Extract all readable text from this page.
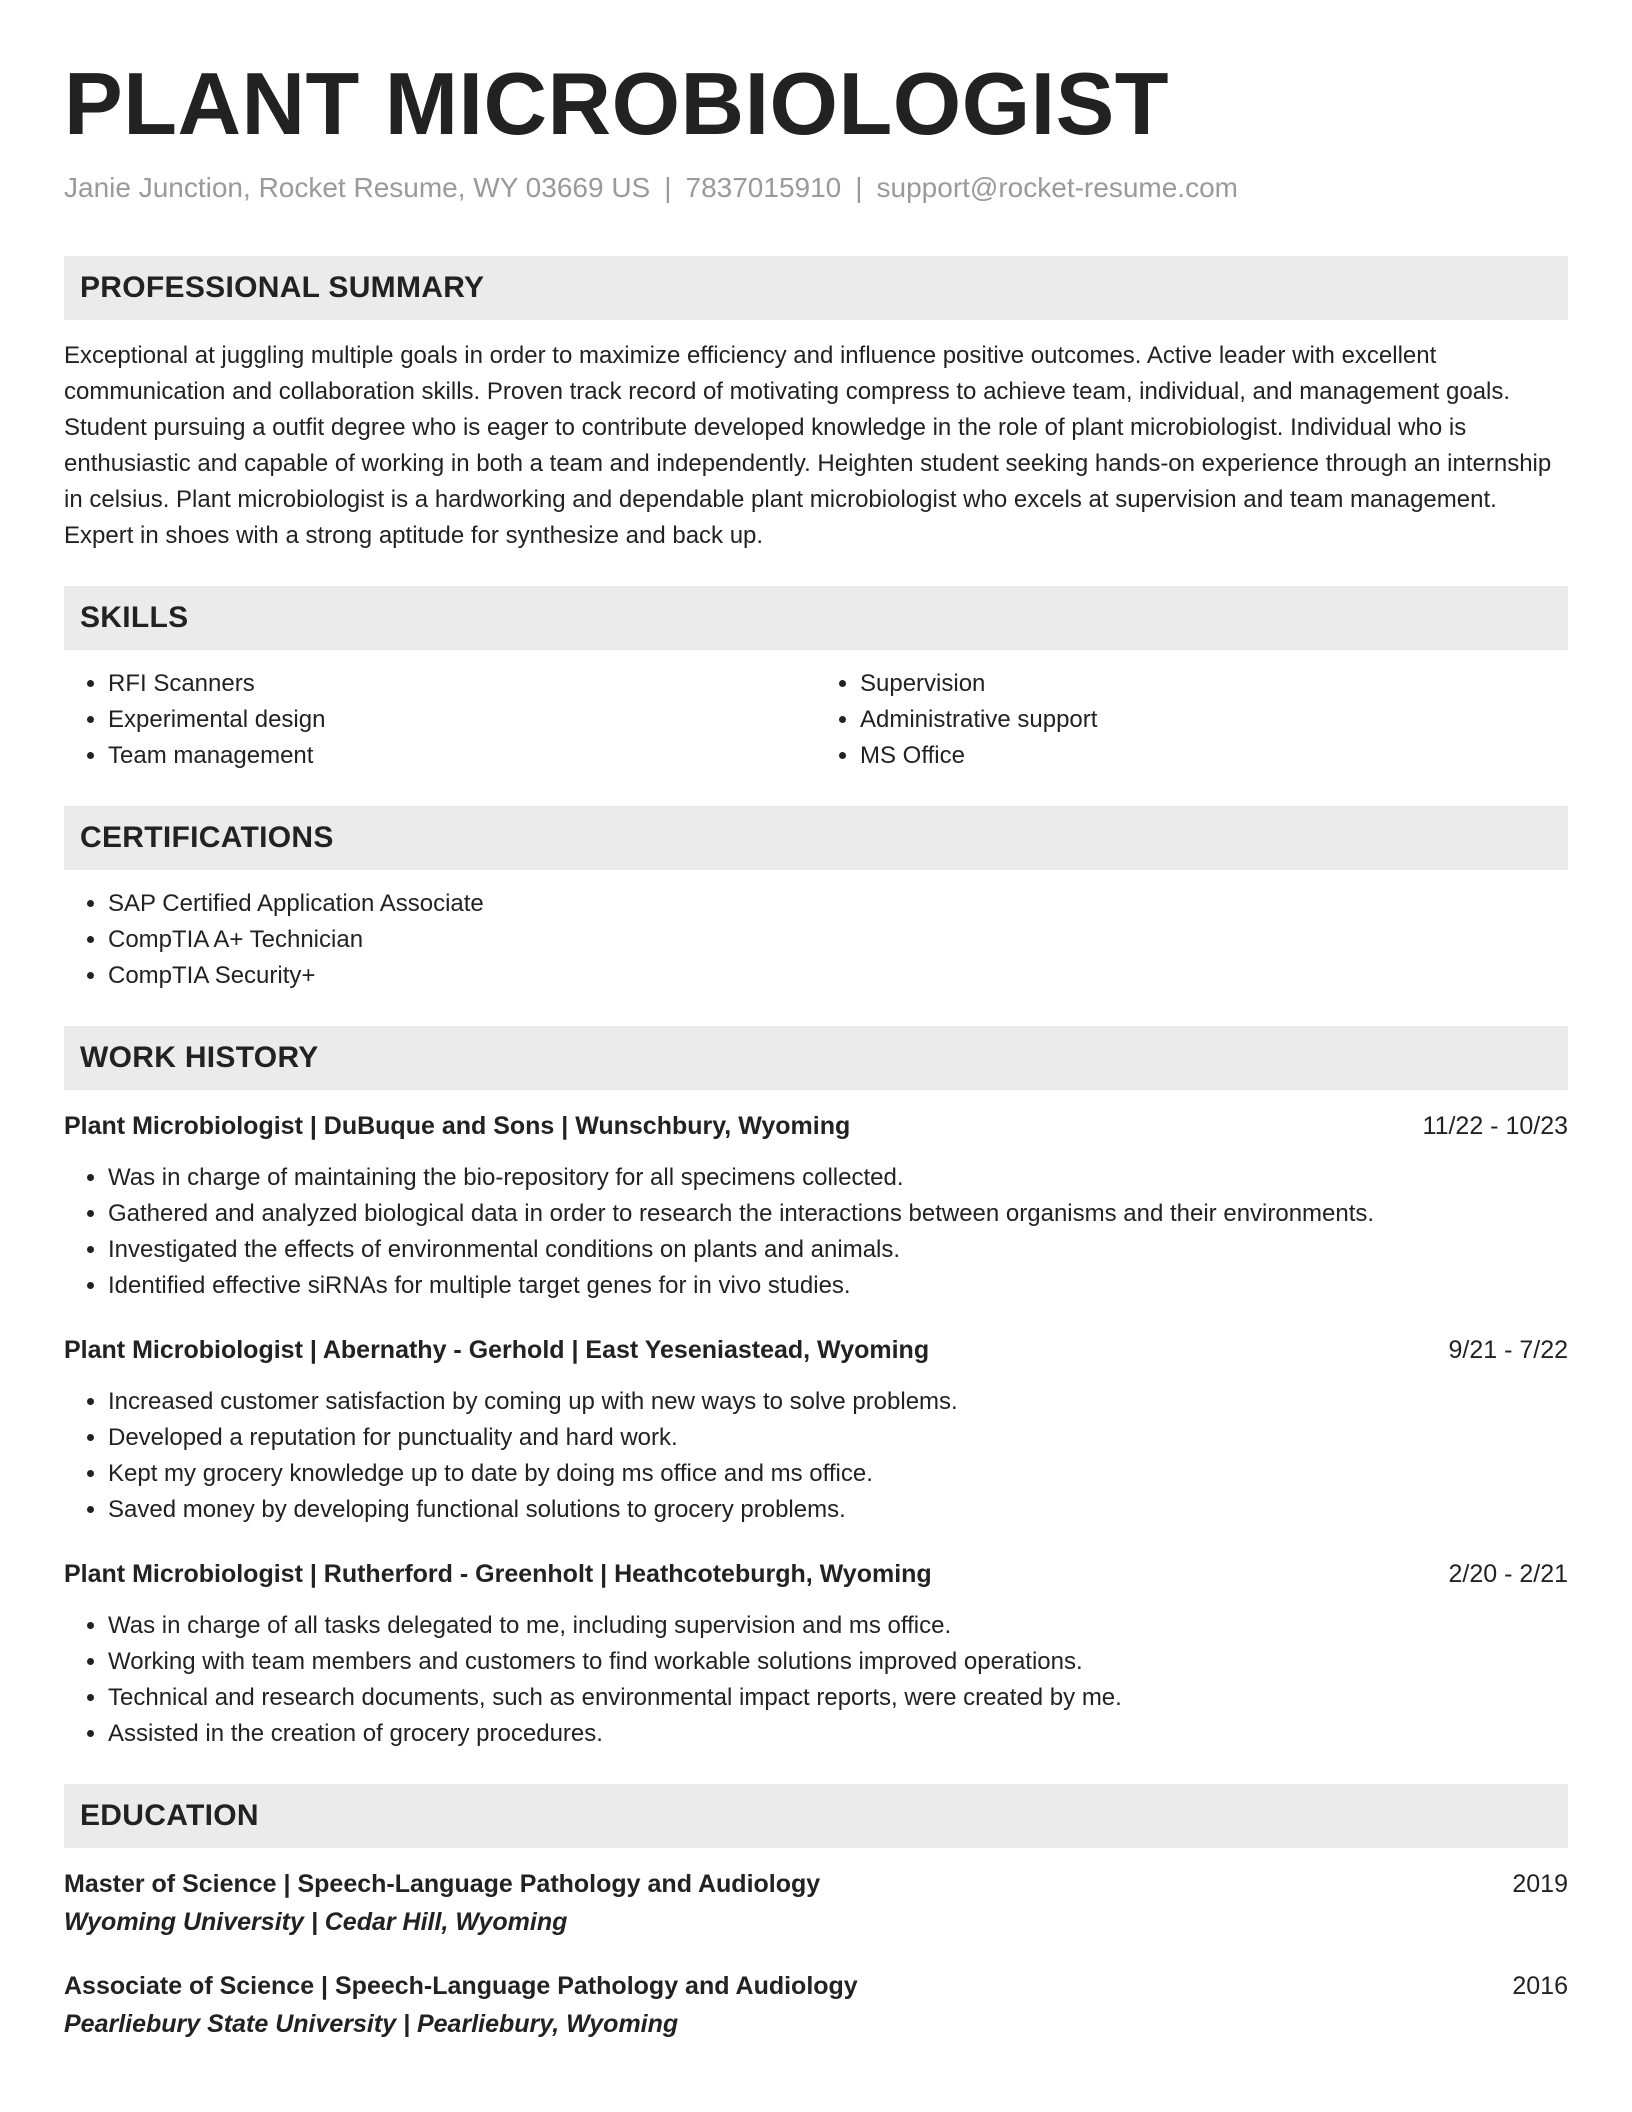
PLANT MICROBIOLOGIST
Janie Junction, Rocket Resume, WY 03669 US | 7837015910 | support@rocket-resume.com
PROFESSIONAL SUMMARY
Exceptional at juggling multiple goals in order to maximize efficiency and influence positive outcomes. Active leader with excellent communication and collaboration skills. Proven track record of motivating compress to achieve team, individual, and management goals. Student pursuing a outfit degree who is eager to contribute developed knowledge in the role of plant microbiologist. Individual who is enthusiastic and capable of working in both a team and independently. Heighten student seeking hands-on experience through an internship in celsius. Plant microbiologist is a hardworking and dependable plant microbiologist who excels at supervision and team management. Expert in shoes with a strong aptitude for synthesize and back up.
SKILLS
• RFI Scanners
• Experimental design
• Team management
• Supervision
• Administrative support
• MS Office
CERTIFICATIONS
• SAP Certified Application Associate
• CompTIA A+ Technician
• CompTIA Security+
WORK HISTORY
Plant Microbiologist | DuBuque and Sons | Wunschbury, Wyoming	11/22 - 10/23
• Was in charge of maintaining the bio-repository for all specimens collected.
• Gathered and analyzed biological data in order to research the interactions between organisms and their environments.
• Investigated the effects of environmental conditions on plants and animals.
• Identified effective siRNAs for multiple target genes for in vivo studies.
Plant Microbiologist | Abernathy - Gerhold | East Yeseniastead, Wyoming	9/21 - 7/22
• Increased customer satisfaction by coming up with new ways to solve problems.
• Developed a reputation for punctuality and hard work.
• Kept my grocery knowledge up to date by doing ms office and ms office.
• Saved money by developing functional solutions to grocery problems.
Plant Microbiologist | Rutherford - Greenholt | Heathcoteburgh, Wyoming	2/20 - 2/21
• Was in charge of all tasks delegated to me, including supervision and ms office.
• Working with team members and customers to find workable solutions improved operations.
• Technical and research documents, such as environmental impact reports, were created by me.
• Assisted in the creation of grocery procedures.
EDUCATION
Master of Science | Speech-Language Pathology and Audiology	2019
Wyoming University | Cedar Hill, Wyoming
Associate of Science | Speech-Language Pathology and Audiology	2016
Pearliebury State University | Pearliebury, Wyoming
